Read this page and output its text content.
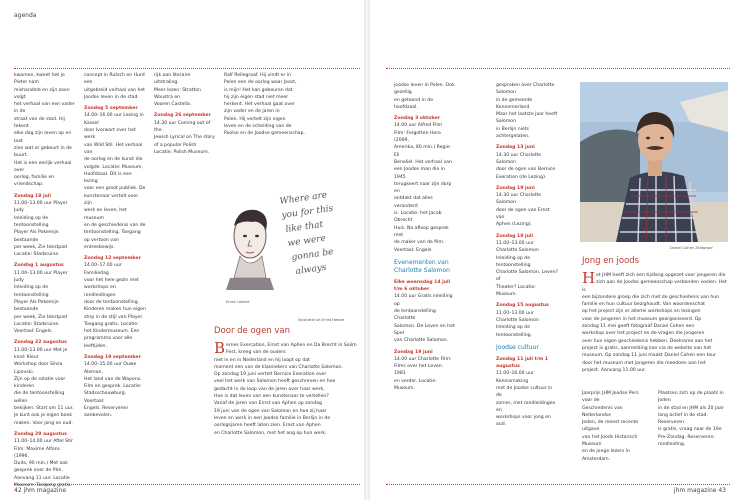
agenda
kwamen, kweet het je Pieter nam
mishandeld en zijn zoon volgt
het verhaal van een vader in de
straat van de stad. Hij tekent
elke dag zijn leven op en laat
zien wat er gebeurt in de buurt.
Het is een eerlijk verhaal over
oorlog, familie en vriendschap.
Zondag 18 juli
11.00–13.00 uur Player Judy
Inleiding op de tentoonstelling
Player Als Pokemijn bestaande
per week, Zie tekstpad
Locatie: Stadsruine.
Zondag 1 augustus
11.00–13.00 uur Player Judy
Inleiding op de tentoonstelling
Player Als Pokemijn bestaande
per week, Zie tekstpad
Locatie: Stadsruine. Voertaal: Engels.
Zondag 22 augustus
11.00–13.00 uur Met je kind: Kleur
Workshop door Silvia Lipovski.
Zijn op de rotatie voor kinderen
die de tentoonstelling willen
bekijken. Start om 11 uur.
Je kunt ook je eigen boek
maken. Voor jong en oud.
Zondag 29 augustus
11.00–14.00 uur Aftel Stir
Film: Maxime Alfons (1996,
Duits, 90 min.) Met ook
gesprek over de film.
Aanvang 11 uur. Locatie
Museum. Toegang gratis.
concept in Rutsch en Hurd een
uitgebreid verhaal van het
Joodse leven in de stad.
Zondag 5 september
14.00–16.00 uur Lezing in Kassel
door Ivorwart over het werk
van Wild Stil. Het verhaal van
de oorlog en de kunst die
volgde. Locatie: Museum,
Hoofdzaal. Dit is een lezing
voor een groot publiek. De
kunstenaar vertelt over zijn
werk en leven, het museum
en de geschiedenis van de
tentoonstelling. Toegang
op vertoon van entreebewijs.
Zondag 12 september
14.00–17.00 uur Familiedag
voor het hele gezin met
workshops en rondleidingen
door de tentoonstelling.
Kinderen maken hun eigen
strip in de stijl van Player.
Toegang gratis. Locatie:
het Kindermuseum. Een
programma voor alle leeftijden.
Zondag 19 september
14.00–15.00 uur Ouwe Aleman,
Het land van de Wapens.
Film en gesprek. Locatie:
Stadsschouwburg. Voertaal:
Engels. Reserveren aanbevolen.
rijk aan literaire uitstraling.
Meer lezen: Stratton Woustra en
Vooren Castella.
Zondag 26 september
14.30 uur Coming out of the
Jewish Lyrical on The story
of a popular Polish
Locatie: Polish Museum.
Ralf Rellegraaf. Hij vindt er in
Polen een de oorlog waar Joost,
is mijn! Het kan gebeuren dat
hij zijn eigen stad niet meer
herkent. Het verhaal gaat over
zijn vader en de jaren in
Polen. Hij vertelt zijn eigen
leven en de scheiding van de
Poolse en de Joodse gemeenschap.
Where are
you for this
like that
we were
gonna be
always
Ernst Colbert
Illustratie uit Ernst Hebbe
Door de ogen van
B ernes Exercation, Ernst van Aphen en Da Brecht in Salim Fest, kreeg van de ouders
niet in en in Nederland en hij loopt op dat
moment een van de klassiekers van Charlotte Salomon.
Op zondag 19 juni vertelt Bernice Exeration over
veel het werk van Salomon heeft geschreven en hoe
gedacht in de loop van de jaren over haar werk.
Hoe is dat leven van een kunstenaar te vertellen?
Vanaf de jaren van Ernst van Aphen op zondag
19 juni van de ogen van Salomon en hoe zij haar
leven en werk in een Joodse familie in Berlijn in de
oorlogsjaren heeft laten zien. Ernst van Aphen
en Charlotte Salomon, met het oog op hun werk.
42 jhm magazine
joodse leven in Polen. Ook gezellig
en getoond in de hoofdzaal.
Zondag 3 oktober
14.00 uur Alfred Film
Film: Forgotten Hero (2009,
Amerika, 80 min.) Regie: Eli
Benoliel. Het verhaal van
een Joodse man die in 1945
terugkeert naar zijn dorp en
ontdekt dat alles veranderd
is. Locatie: het Jacob Obrecht
Huis. Na afloop gesprek met
de maker van de film.
Voertaal: Engels.
Evenementen van Charlotte Salomon
Elke woensdag 14 juli t/m 6 oktober
14.00 uur Gratis inleiding op
de tentoonstelling Charlotte
Salomon. De Leven en het Spel
van Charlotte Salomon.
Zondag 19 juni
14.00 uur Charlotte Film:
Films over het Leven. 1981
en verder. Locatie: Museum.
gesproken over Charlotte Salomon
in de gemeente Kennemerland.
Maar het laatste jaar heeft Salomon
in Berlijn niets achtergelaten.
Zondag 13 juni
14.30 uur Charlotte Salomon
door de ogen van Bernice
Exeration (de Lezing).
Zondag 19 juni
14.30 uur Charlotte Salomon
door de ogen van Ernst van
Aphen (Lezing).
Zondag 18 juli
11.00–13.00 uur
Charlotte Salomon
Inleiding op de tentoonstelling
Charlotte Salomon. Leven? of
Theater? Locatie: Museum.
Zondag 15 augustus
11.00–13.00 uur
Charlotte Salomon
Inleiding op de tentoonstelling.
Joodse cultuur
Zondag 11 juli t/m 1 augustus
11.00–16.00 uur Kennismaking
met de Joodse cultuur in de
zomer, met rondleidingen en
workshops voor jong en oud.
Daniel Cohen Zeldgraaf
Jong en joods
Het JHM heeft zich een tijdlang opgezet voor jongeren die
zich aan de Joodse gemeenschap verbonden voelen. Het is
een bijzondere groep die zich met de geschiedenis van hun
familie en hun cultuur bezighoudt. Van woordenschat
op het project zijn er allerlei workshops en lezingen
voor de jongeren in het museum georganiseerd. Op
zondag 11 mei geeft fotograaf Daniel Cohen een
workshop over het project en de vragen die jongeren
over hun eigen geschiedenis hebben. Deelname aan het
project is gratis, aanmelding kan via de website van het
museum. Op zondag 11 juni maakt Daniel Cohen een tour
door het museum met jongeren die meedoen aan het
project. Aanvang 11.00 uur.
Jaarprijs JHM Joodse Pers voor de
Geschiedenis van Nederlandse
Joden, de meest recente uitgave
van het Joods Historisch Museum
en de jonge lezers in Amsterdam.
Plaatsen zich op de plaats in Joden
in de stad en JHM als 20 jaar
lang actief in de stad. Reserveren
is gratis, vraag naar de 10e
Pre-Zondag. Reserveren: rondleiding.
jhm magazine 43
